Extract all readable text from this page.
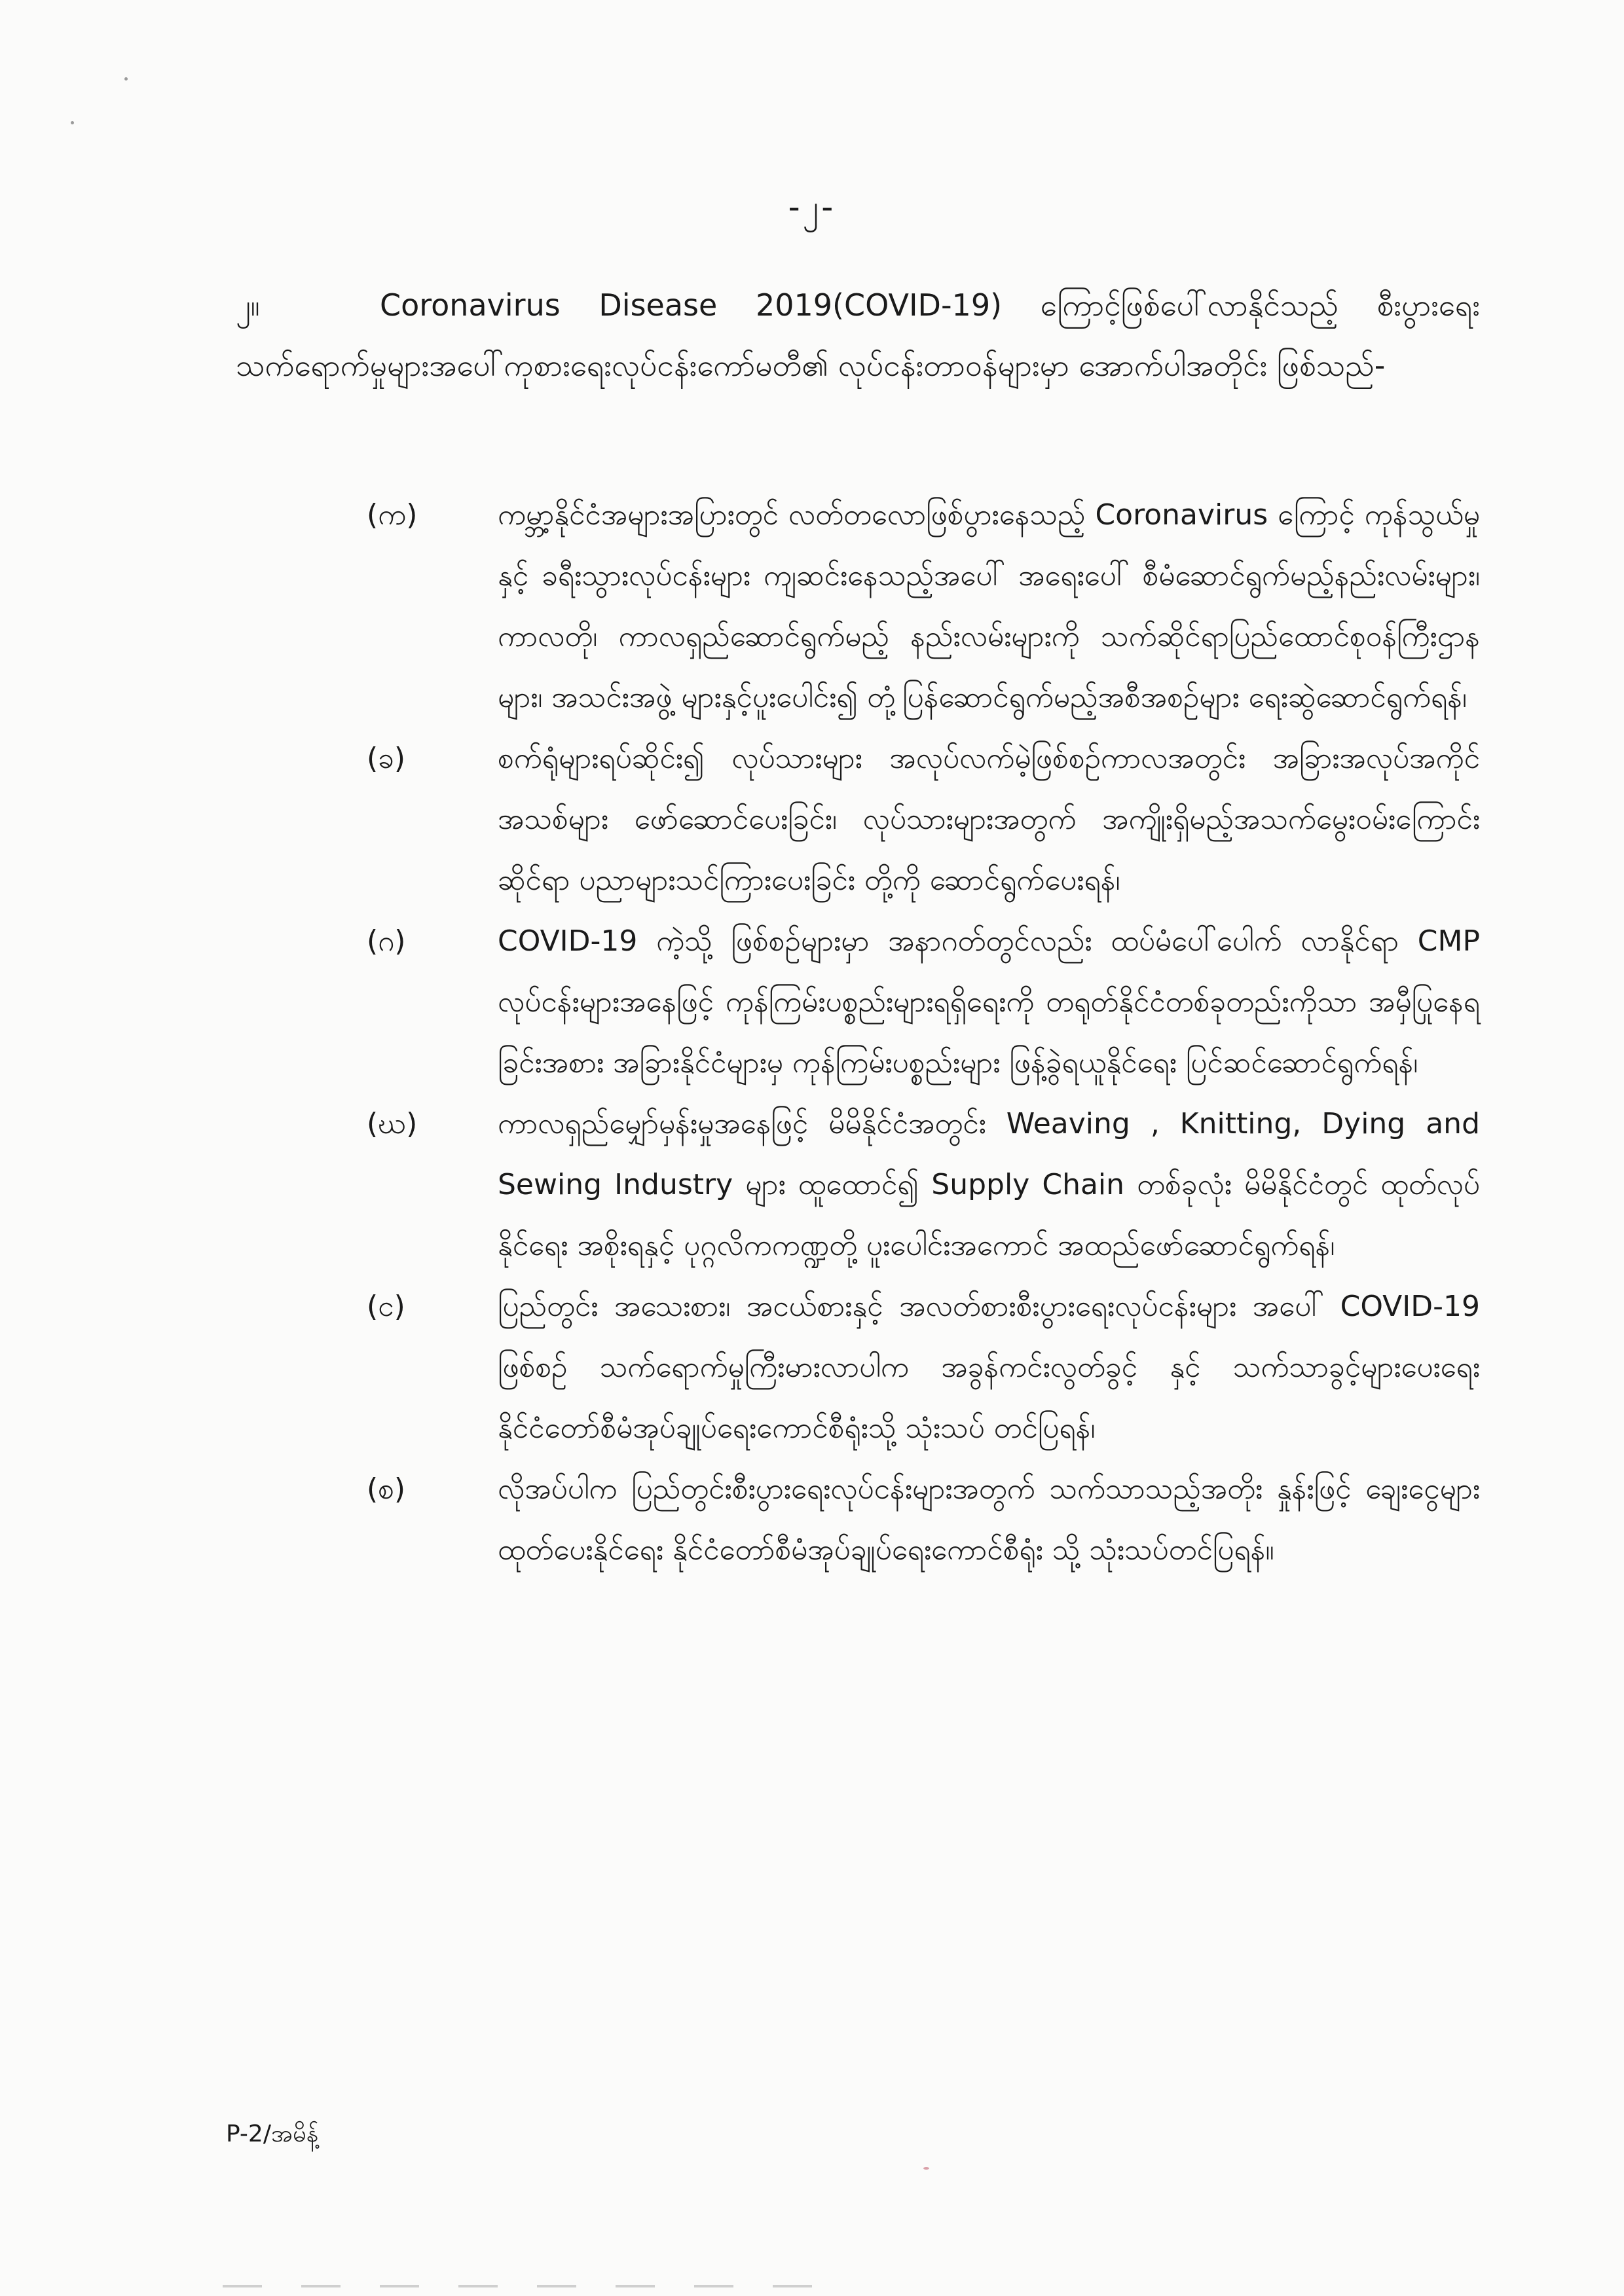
-၂-
၂။	Coronavirus Disease 2019(COVID-19) ကြောင့်ဖြစ်ပေါ်လာနိုင်သည့် စီးပွားရေး သက်ရောက်မှုများအပေါ်ကုစားရေးလုပ်ငန်းကော်မတီ၏ လုပ်ငန်းတာဝန်များမှာ အောက်ပါအတိုင်း ဖြစ်သည်-

(က)	ကမ္ဘာ့နိုင်ငံအများအပြားတွင် လတ်တလောဖြစ်ပွားနေသည့် Coronavirus ကြောင့် ကုန်သွယ်မှုနှင့် ခရီးသွားလုပ်ငန်းများ ကျဆင်းနေသည့်အပေါ် အရေးပေါ် စီမံဆောင်ရွက်မည့်နည်းလမ်းများ၊ ကာလတို၊ ကာလရှည်ဆောင်ရွက်မည့် နည်းလမ်းများကို သက်ဆိုင်ရာပြည်ထောင်စုဝန်ကြီးဌာနများ၊ အသင်းအဖွဲ့ များနှင့်ပူးပေါင်း၍ တုံ့ပြန်ဆောင်ရွက်မည့်အစီအစဉ်များ ရေးဆွဲဆောင်ရွက်ရန်၊
(ခ)	စက်ရုံများရပ်ဆိုင်း၍ လုပ်သားများ အလုပ်လက်မဲ့ဖြစ်စဉ်ကာလအတွင်း အခြားအလုပ်အကိုင်အသစ်များ ဖော်ဆောင်ပေးခြင်း၊ လုပ်သားများအတွက် အကျိုးရှိမည့်အသက်မွေးဝမ်းကြောင်းဆိုင်ရာ ပညာများသင်ကြားပေးခြင်း တို့ကို ဆောင်ရွက်ပေးရန်၊
(ဂ)	COVID-19 ကဲ့သို့ ဖြစ်စဉ်များမှာ အနာဂတ်တွင်လည်း ထပ်မံပေါ်ပေါက် လာနိုင်ရာ CMP လုပ်ငန်းများအနေဖြင့် ကုန်ကြမ်းပစ္စည်းများရရှိရေးကို တရုတ်နိုင်ငံတစ်ခုတည်းကိုသာ အမှီပြုနေရခြင်းအစား အခြားနိုင်ငံများမှ ကုန်ကြမ်းပစ္စည်းများ ဖြန့်ခွဲရယူနိုင်ရေး ပြင်ဆင်ဆောင်ရွက်ရန်၊
(ဃ)	ကာလရှည်မျှော်မှန်းမှုအနေဖြင့် မိမိနိုင်ငံအတွင်း Weaving , Knitting, Dying and Sewing Industry များ ထူထောင်၍ Supply Chain တစ်ခုလုံး မိမိနိုင်ငံတွင် ထုတ်လုပ်နိုင်ရေး အစိုးရနှင့် ပုဂ္ဂလိကကဏ္ဍတို့ ပူးပေါင်းအကောင် အထည်ဖော်ဆောင်ရွက်ရန်၊
(င)	ပြည်တွင်း အသေးစား၊ အငယ်စားနှင့် အလတ်စားစီးပွားရေးလုပ်ငန်းများ အပေါ် COVID-19 ဖြစ်စဉ် သက်ရောက်မှုကြီးမားလာပါက အခွန်ကင်းလွတ်ခွင့် နှင့် သက်သာခွင့်များပေးရေး နိုင်ငံတော်စီမံအုပ်ချုပ်ရေးကောင်စီရုံးသို့ သုံးသပ် တင်ပြရန်၊
(စ)	လိုအပ်ပါက ပြည်တွင်းစီးပွားရေးလုပ်ငန်းများအတွက် သက်သာသည့်အတိုး နှုန်းဖြင့် ချေးငွေများ ထုတ်ပေးနိုင်ရေး နိုင်ငံတော်စီမံအုပ်ချုပ်ရေးကောင်စီရုံး သို့ သုံးသပ်တင်ပြရန်။
P-2/အမိန့်
